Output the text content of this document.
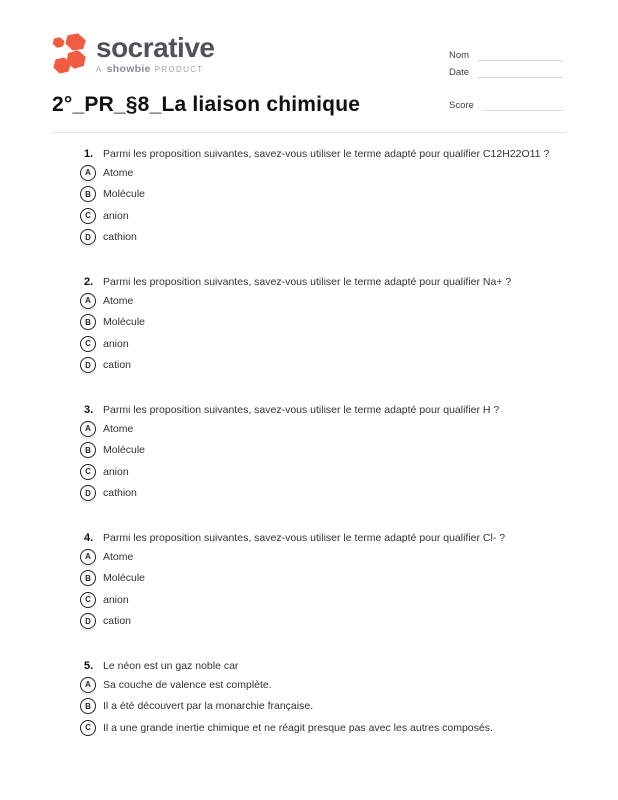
socrative
A showbie PRODUCT
Nom
Date
Score
2°_PR_§8_La liaison chimique
1. Parmi les proposition suivantes, savez-vous utiliser le terme adapté pour qualifier C12H22O11 ?
A	Atome
B	Molécule
C	anion
D	cathion
2. Parmi les proposition suivantes, savez-vous utiliser le terme adapté pour qualifier Na+ ?
A	Atome
B	Molécule
C	anion
D	cation
3. Parmi les proposition suivantes, savez-vous utiliser le terme adapté pour qualifier H ?
A	Atome
B	Molécule
C	anion
D	cathion
4. Parmi les proposition suivantes, savez-vous utiliser le terme adapté pour qualifier Cl- ?
A	Atome
B	Molécule
C	anion
D	cation
5. Le néon est un gaz noble car
A	Sa couche de valence est complète.
B	Il a été découvert par la monarchie française.
C	Il a une grande inertie chimique et ne réagit presque pas avec les autres composés.
